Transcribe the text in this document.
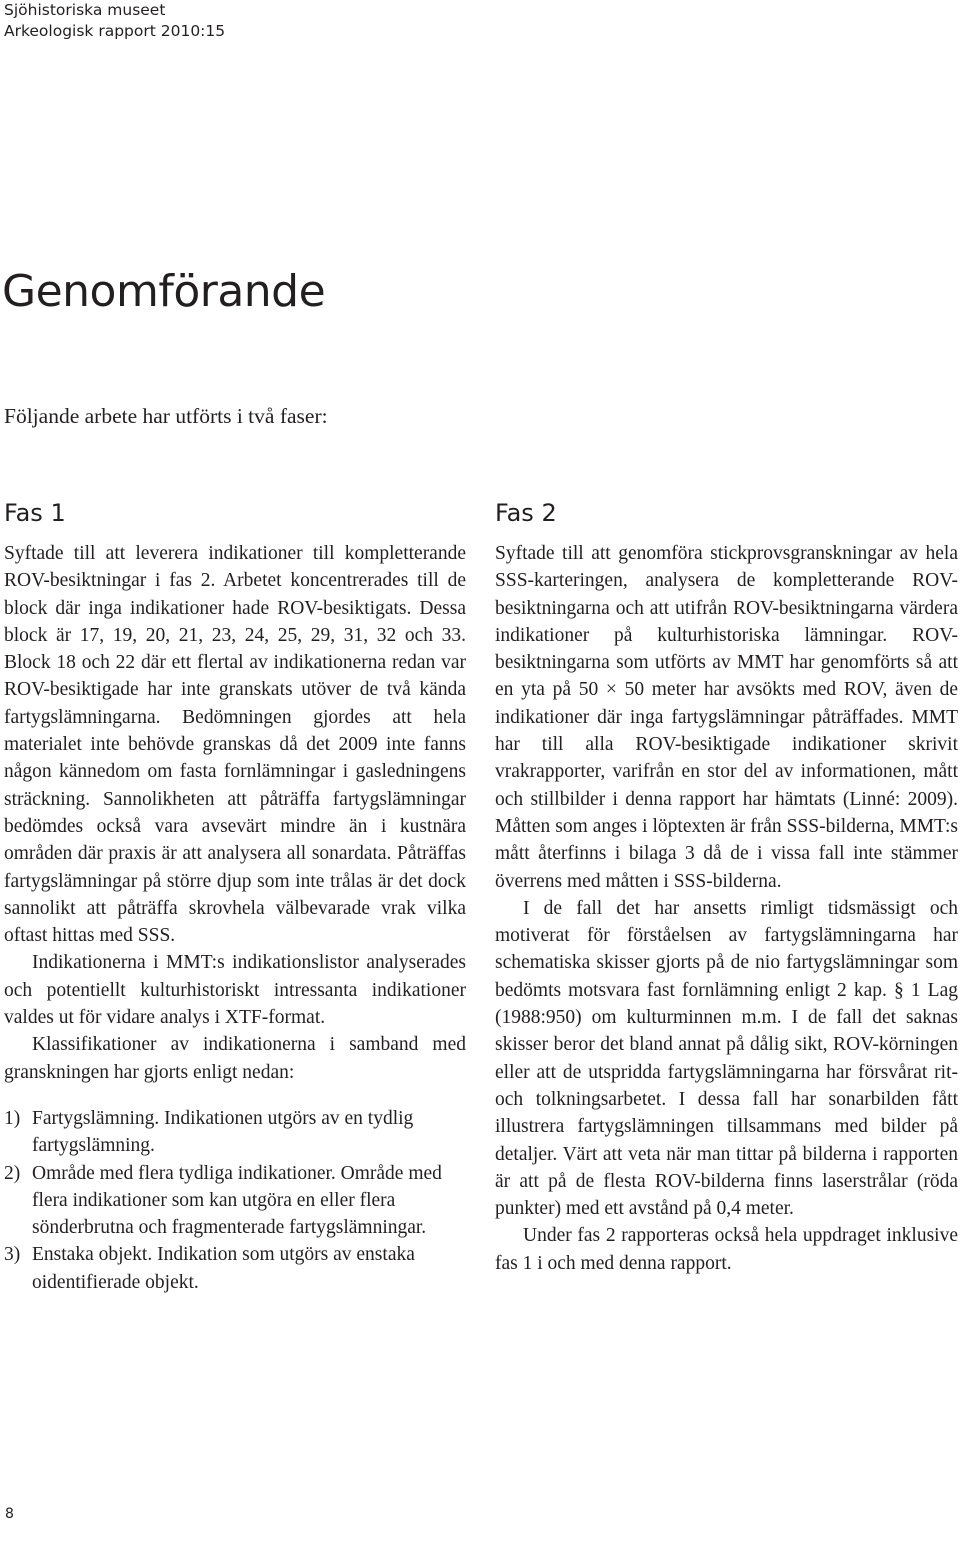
Sjöhistoriska museet
Arkeologisk rapport 2010:15
Genomförande

Följande arbete har utförts i två faser:

Fas 1

Syftade till att leverera indikationer till kompletterande ROV-besiktningar i fas 2. Arbetet koncentrerades till de block där inga indikationer hade ROV-besiktigats. Dessa block är 17, 19, 20, 21, 23, 24, 25, 29, 31, 32 och 33. Block 18 och 22 där ett flertal av indikationerna redan var ROV-besiktigade har inte granskats utöver de två kända fartygslämningarna. Bedömningen gjordes att hela materialet inte behövde granskas då det 2009 inte fanns någon kännedom om fasta fornlämningar i gasledningens sträckning. Sannolikheten att påträffa fartygslämningar bedömdes också vara avsevärt mindre än i kustnära områden där praxis är att analysera all sonardata. Påträffas fartygslämningar på större djup som inte trålas är det dock sannolikt att påträffa skrovhela välbevarade vrak vilka oftast hittas med SSS.

Indikationerna i MMT:s indikationslistor analyserades och potentiellt kulturhistoriskt intressanta indikationer valdes ut för vidare analys i XTF-format.

Klassifikationer av indikationerna i samband med granskningen har gjorts enligt nedan:

1) Fartygslämning. Indikationen utgörs av en tydlig fartygslämning.
2) Område med flera tydliga indikationer. Område med flera indikationer som kan utgöra en eller flera sönderbrutna och fragmenterade fartygslämningar.
3) Enstaka objekt. Indikation som utgörs av enstaka oidentifierade objekt.
Fas 2

Syftade till att genomföra stickprovsgranskningar av hela SSS-karteringen, analysera de kompletterande ROV-besiktningarna och att utifrån ROV-besiktningarna värdera indikationer på kulturhistoriska lämningar. ROV-besiktningarna som utförts av MMT har genomförts så att en yta på 50 × 50 meter har avsökts med ROV, även de indikationer där inga fartygslämningar påträffades. MMT har till alla ROV-besiktigade indikationer skrivit vrakrapporter, varifrån en stor del av informationen, mått och stillbilder i denna rapport har hämtats (Linné: 2009). Måtten som anges i löptexten är från SSS-bilderna, MMT:s mått återfinns i bilaga 3 då de i vissa fall inte stämmer överrens med måtten i SSS-bilderna.

I de fall det har ansetts rimligt tidsmässigt och motiverat för förståelsen av fartygslämningarna har schematiska skisser gjorts på de nio fartygslämningar som bedömts motsvara fast fornlämning enligt 2 kap. § 1 Lag (1988:950) om kulturminnen m.m. I de fall det saknas skisser beror det bland annat på dålig sikt, ROV-körningen eller att de utspridda fartygslämningarna har försvårat rit- och tolkningsarbetet. I dessa fall har sonarbilden fått illustrera fartygslämningen tillsammans med bilder på detaljer. Värt att veta när man tittar på bilderna i rapporten är att på de flesta ROV-bilderna finns laserstrålar (röda punkter) med ett avstånd på 0,4 meter.

Under fas 2 rapporteras också hela uppdraget inklusive fas 1 i och med denna rapport.

8
